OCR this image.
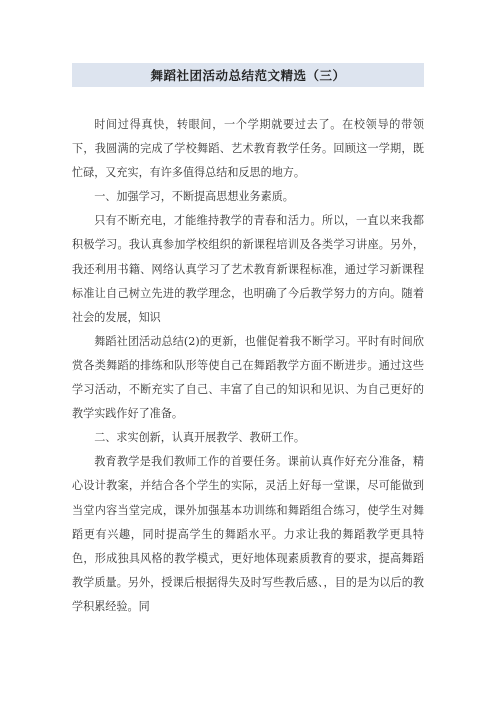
舞蹈社团活动总结范文精选（三）

时间过得真快，转眼间，一个学期就要过去了。在校领导的带领下，我圆满的完成了学校舞蹈、艺术教育教学任务。回顾这一学期，既忙碌，又充实，有许多值得总结和反思的地方。

一、加强学习，不断提高思想业务素质。

只有不断充电，才能维持教学的青春和活力。所以，一直以来我都积极学习。我认真参加学校组织的新课程培训及各类学习讲座。另外，我还利用书籍、网络认真学习了艺术教育新课程标准，通过学习新课程标准让自己树立先进的教学理念，也明确了今后教学努力的方向。随着社会的发展，知识

舞蹈社团活动总结(2)的更新，也催促着我不断学习。平时有时间欣赏各类舞蹈的排练和队形等使自己在舞蹈教学方面不断进步。通过这些学习活动，不断充实了自己、丰富了自己的知识和见识、为自己更好的教学实践作好了准备。

二、求实创新，认真开展教学、教研工作。

教育教学是我们教师工作的首要任务。课前认真作好充分准备，精心设计教案，并结合各个学生的实际，灵活上好每一堂课，尽可能做到当堂内容当堂完成，课外加强基本功训练和舞蹈组合练习，使学生对舞蹈更有兴趣，同时提高学生的舞蹈水平。力求让我的舞蹈教学更具特色，形成独具风格的教学模式，更好地体现素质教育的要求，提高舞蹈教学质量。另外，授课后根据得失及时写些教后感、，目的是为以后的教学积累经验。同
